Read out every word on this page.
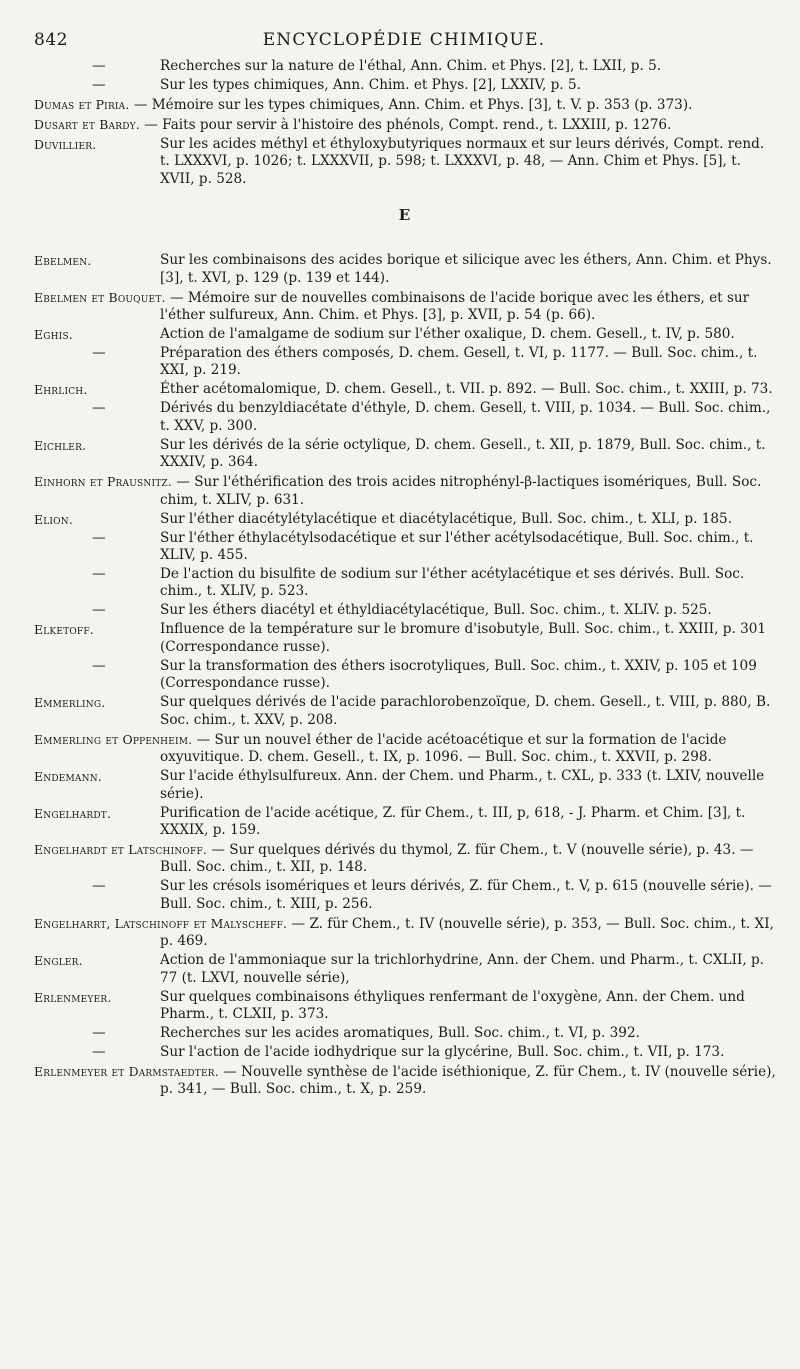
842	ENCYCLOPÉDIE CHIMIQUE.
—	Recherches sur la nature de l'éthal, Ann. Chim. et Phys. [2], t. LXII, p. 5.
—	Sur les types chimiques, Ann. Chim. et Phys. [2], LXXIV, p. 5.
Dumas et Piria. — Mémoire sur les types chimiques, Ann. Chim. et Phys. [3], t. V. p. 353 (p. 373).
Dusart et Bardy. — Faits pour servir à l'histoire des phénols, Compt. rend., t. LXXIII, p. 1276.
Duvillier.	Sur les acides méthyl et éthyloxybutyriques normaux et sur leurs dérivés, Compt. rend. t. LXXXVI, p. 1026; t. LXXXVII, p. 598; t. LXXXVI, p. 48, — Ann. Chim et Phys. [5], t. XVII, p. 528.
E
Ebelmen.	Sur les combinaisons des acides borique et silicique avec les éthers, Ann. Chim. et Phys. [3], t. XVI, p. 129 (p. 139 et 144).
Ebelmen et Bouquet. — Mémoire sur de nouvelles combinaisons de l'acide borique avec les éthers, et sur l'éther sulfureux, Ann. Chim. et Phys. [3], p. XVII, p. 54 (p. 66).
Eghis.	Action de l'amalgame de sodium sur l'éther oxalique, D. chem. Gesell., t. IV, p. 580.
—	Préparation des éthers composés, D. chem. Gesell, t. VI, p. 1177. — Bull. Soc. chim., t. XXI, p. 219.
Ehrlich.	Éther acétomalomique, D. chem. Gesell., t. VII. p. 892. — Bull. Soc. chim., t. XXIII, p. 73.
—	Dérivés du benzyldiacétate d'éthyle, D. chem. Gesell, t. VIII, p. 1034. — Bull. Soc. chim., t. XXV, p. 300.
Eichler.	Sur les dérivés de la série octylique, D. chem. Gesell., t. XII, p. 1879, Bull. Soc. chim., t. XXXIV, p. 364.
Einhorn et Prausnitz. — Sur l'éthérification des trois acides nitrophényl-β-lactiques isomériques, Bull. Soc. chim, t. XLIV, p. 631.
Elion.	Sur l'éther diacétylétylacétique et diacétylacétique, Bull. Soc. chim., t. XLI, p. 185.
—	Sur l'éther éthylacétylsodacétique et sur l'éther acétylsodacétique, Bull. Soc. chim., t. XLIV, p. 455.
—	De l'action du bisulfite de sodium sur l'éther acétylacétique et ses dérivés. Bull. Soc. chim., t. XLIV, p. 523.
—	Sur les éthers diacétyl et éthyldiacétylacétique, Bull. Soc. chim., t. XLIV. p. 525.
Elketoff.	Influence de la température sur le bromure d'isobutyle, Bull. Soc. chim., t. XXIII, p. 301 (Correspondance russe).
—	Sur la transformation des éthers isocrotyliques, Bull. Soc. chim., t. XXIV, p. 105 et 109 (Correspondance russe).
Emmerling.	Sur quelques dérivés de l'acide parachlorobenzoïque, D. chem. Gesell., t. VIII, p. 880, B. Soc. chim., t. XXV, p. 208.
Emmerling et Oppenheim. — Sur un nouvel éther de l'acide acétoacétique et sur la formation de l'acide oxyuvitique. D. chem. Gesell., t. IX, p. 1096. — Bull. Soc. chim., t. XXVII, p. 298.
Endemann.	Sur l'acide éthylsulfureux. Ann. der Chem. und Pharm., t. CXL, p. 333 (t. LXIV, nouvelle série).
Engelhardt.	Purification de l'acide acétique, Z. für Chem., t. III, p, 618, - J. Pharm. et Chim. [3], t. XXXIX, p. 159.
Engelhardt et Latschinoff. — Sur quelques dérivés du thymol, Z. für Chem., t. V (nouvelle série), p. 43. — Bull. Soc. chim., t. XII, p. 148.
—	Sur les crésols isomériques et leurs dérivés, Z. für Chem., t. V, p. 615 (nouvelle série). — Bull. Soc. chim., t. XIII, p. 256.
Engelharrt, Latschinoff et Malyscheff. — Z. für Chem., t. IV (nouvelle série), p. 353, — Bull. Soc. chim., t. XI, p. 469.
Engler.	Action de l'ammoniaque sur la trichlorhydrine, Ann. der Chem. und Pharm., t. CXLII, p. 77 (t. LXVI, nouvelle série),
Erlenmeyer.	Sur quelques combinaisons éthyliques renfermant de l'oxygène, Ann. der Chem. und Pharm., t. CLXII, p. 373.
—	Recherches sur les acides aromatiques, Bull. Soc. chim., t. VI, p. 392.
—	Sur l'action de l'acide iodhydrique sur la glycérine, Bull. Soc. chim., t. VII, p. 173.
Erlenmeyer et Darmstaedter. — Nouvelle synthèse de l'acide iséthionique, Z. für Chem., t. IV (nouvelle série), p. 341, — Bull. Soc. chim., t. X, p. 259.
